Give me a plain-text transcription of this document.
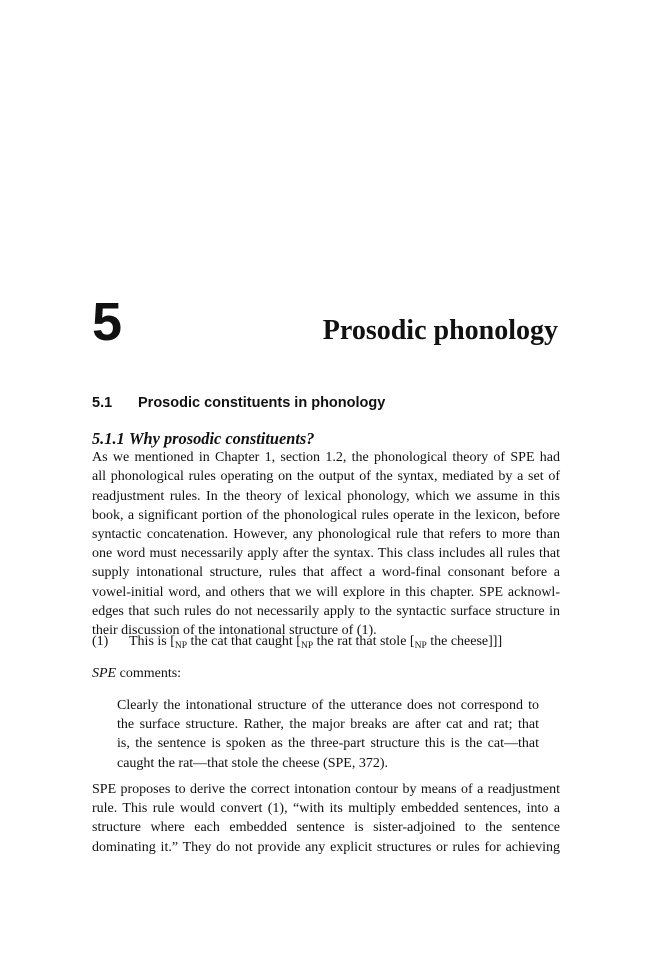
5	Prosodic phonology
5.1 Prosodic constituents in phonology
5.1.1 Why prosodic constituents?

As we mentioned in Chapter 1, section 1.2, the phonological theory of SPE had
all phonological rules operating on the output of the syntax, mediated by a set of
readjustment rules. In the theory of lexical phonology, which we assume in this
book, a significant portion of the phonological rules operate in the lexicon, before
syntactic concatenation. However, any phonological rule that refers to more than
one word must necessarily apply after the syntax. This class includes all rules that
supply intonational structure, rules that affect a word-final consonant before a
vowel-initial word, and others that we will explore in this chapter. SPE acknowl-
edges that such rules do not necessarily apply to the syntactic surface structure in
their discussion of the intonational structure of (1).

(1) This is [$_{NP}$ the cat that caught [$_{NP}$ the rat that stole [$_{NP}$ the cheese]]]

SPE comments:

Clearly the intonational structure of the utterance does not correspond to
the surface structure. Rather, the major breaks are after cat and rat; that
is, the sentence is spoken as the three-part structure this is the cat—that
caught the rat—that stole the cheese (SPE, 372).

SPE proposes to derive the correct intonation contour by means of a readjustment
rule. This rule would convert (1), “with its multiply embedded sentences, into a
structure where each embedded sentence is sister-adjoined to the sentence
dominating it.” They do not provide any explicit structures or rules for achieving
